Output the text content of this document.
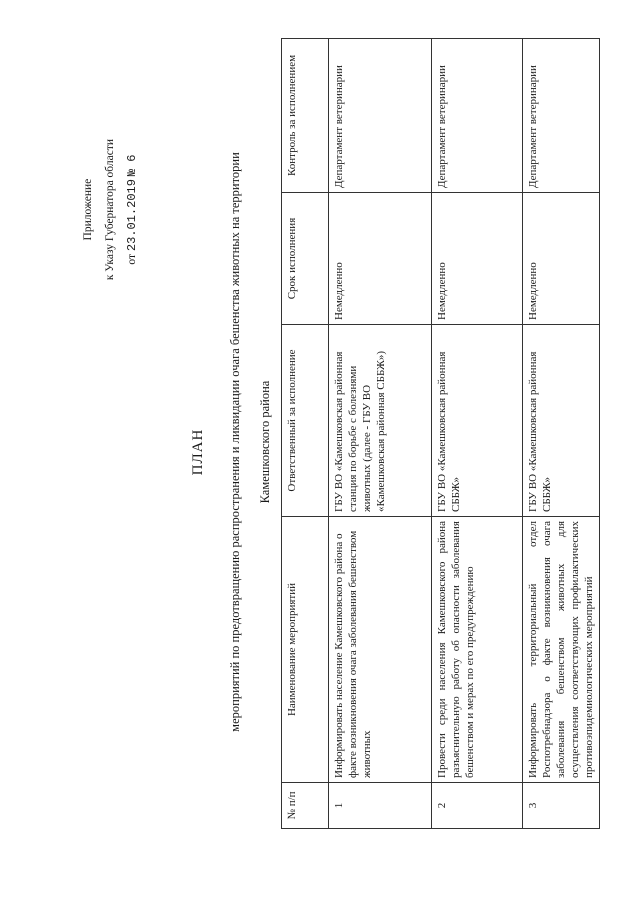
Приложение к Указу Губернатора области от 23.01.2019 № 6
ПЛАН	мероприятий по предотвращению распространения и ликвидации очага бешенства животных на территории	Камешковского района
№ п/п	Наименование мероприятий	Ответственный за исполнение	Срок исполнения	Контроль за исполнением
1	Информировать население Камешковского района о факте возникновения очага заболевания бешенством животных	ГБУ ВО «Камешковская районная станция по борьбе с болезнями животных (далее - ГБУ ВО «Камешковская районная СББЖ»)	Немедленно	Департамент ветеринарии
2	Провести среди населения Камешковского района разъяснительную работу об опасности заболевания бешенством и мерах по его предупреждению	ГБУ ВО «Камешковская районная СББЖ»	Немедленно	Департамент ветеринарии
3	Информировать территориальный отдел Роспотребнадзора о факте возникновения очага заболевания бешенством животных для осуществления соответствующих профилактических противоэпидемиологических мероприятий	ГБУ ВО «Камешковская районная СББЖ»	Немедленно	Департамент ветеринарии
